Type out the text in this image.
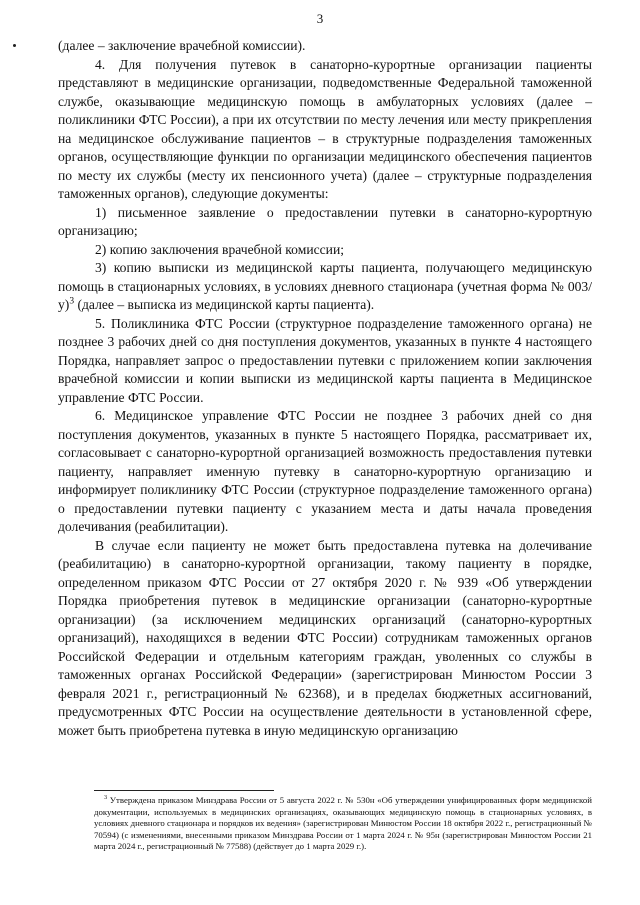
3

(далее – заключение врачебной комиссии).

4. Для получения путевок в санаторно-курортные организации пациенты представляют в медицинские организации, подведомственные Федеральной таможенной службе, оказывающие медицинскую помощь в амбулаторных условиях (далее – поликлиники ФТС России), а при их отсутствии по месту лечения или месту прикрепления на медицинское обслуживание пациентов – в структурные подразделения таможенных органов, осуществляющие функции по организации медицинского обеспечения пациентов по месту их службы (месту их пенсионного учета) (далее – структурные подразделения таможенных органов), следующие документы:

1) письменное заявление о предоставлении путевки в санаторно-курортную организацию;

2) копию заключения врачебной комиссии;

3) копию выписки из медицинской карты пациента, получающего медицинскую помощь в стационарных условиях, в условиях дневного стационара (учетная форма № 003/у)$^3$ (далее – выписка из медицинской карты пациента).

5. Поликлиника ФТС России (структурное подразделение таможенного органа) не позднее 3 рабочих дней со дня поступления документов, указанных в пункте 4 настоящего Порядка, направляет запрос о предоставлении путевки с приложением копии заключения врачебной комиссии и копии выписки из медицинской карты пациента в Медицинское управление ФТС России.

6. Медицинское управление ФТС России не позднее 3 рабочих дней со дня поступления документов, указанных в пункте 5 настоящего Порядка, рассматривает их, согласовывает с санаторно-курортной организацией возможность предоставления путевки пациенту, направляет именную путевку в санаторно-курортную организацию и информирует поликлинику ФТС России (структурное подразделение таможенного органа) о предоставлении путевки пациенту с указанием места и даты начала проведения долечивания (реабилитации).

В случае если пациенту не может быть предоставлена путевка на долечивание (реабилитацию) в санаторно-курортной организации, такому пациенту в порядке, определенном приказом ФТС России от 27 октября 2020 г. № 939 «Об утверждении Порядка приобретения путевок в медицинские организации (санаторно-курортные организации) (за исключением медицинских организаций (санаторно-курортных организаций), находящихся в ведении ФТС России) сотрудникам таможенных органов Российской Федерации и отдельным категориям граждан, уволенных со службы в таможенных органах Российской Федерации» (зарегистрирован Минюстом России 3 февраля 2021 г., регистрационный № 62368), и в пределах бюджетных ассигнований, предусмотренных ФТС России на осуществление деятельности в установленной сфере, может быть приобретена путевка в иную медицинскую организацию

$^3$ Утверждена приказом Минздрава России от 5 августа 2022 г. № 530н «Об утверждении унифицированных форм медицинской документации, используемых в медицинских организациях, оказывающих медицинскую помощь в стационарных условиях, в условиях дневного стационара и порядков их ведения» (зарегистрирован Минюстом России 18 октября 2022 г., регистрационный № 70594) (с изменениями, внесенными приказом Минздрава России от 1 марта 2024 г. № 95н (зарегистрирован Минюстом России 21 марта 2024 г., регистрационный № 77588) (действует до 1 марта 2029 г.).
